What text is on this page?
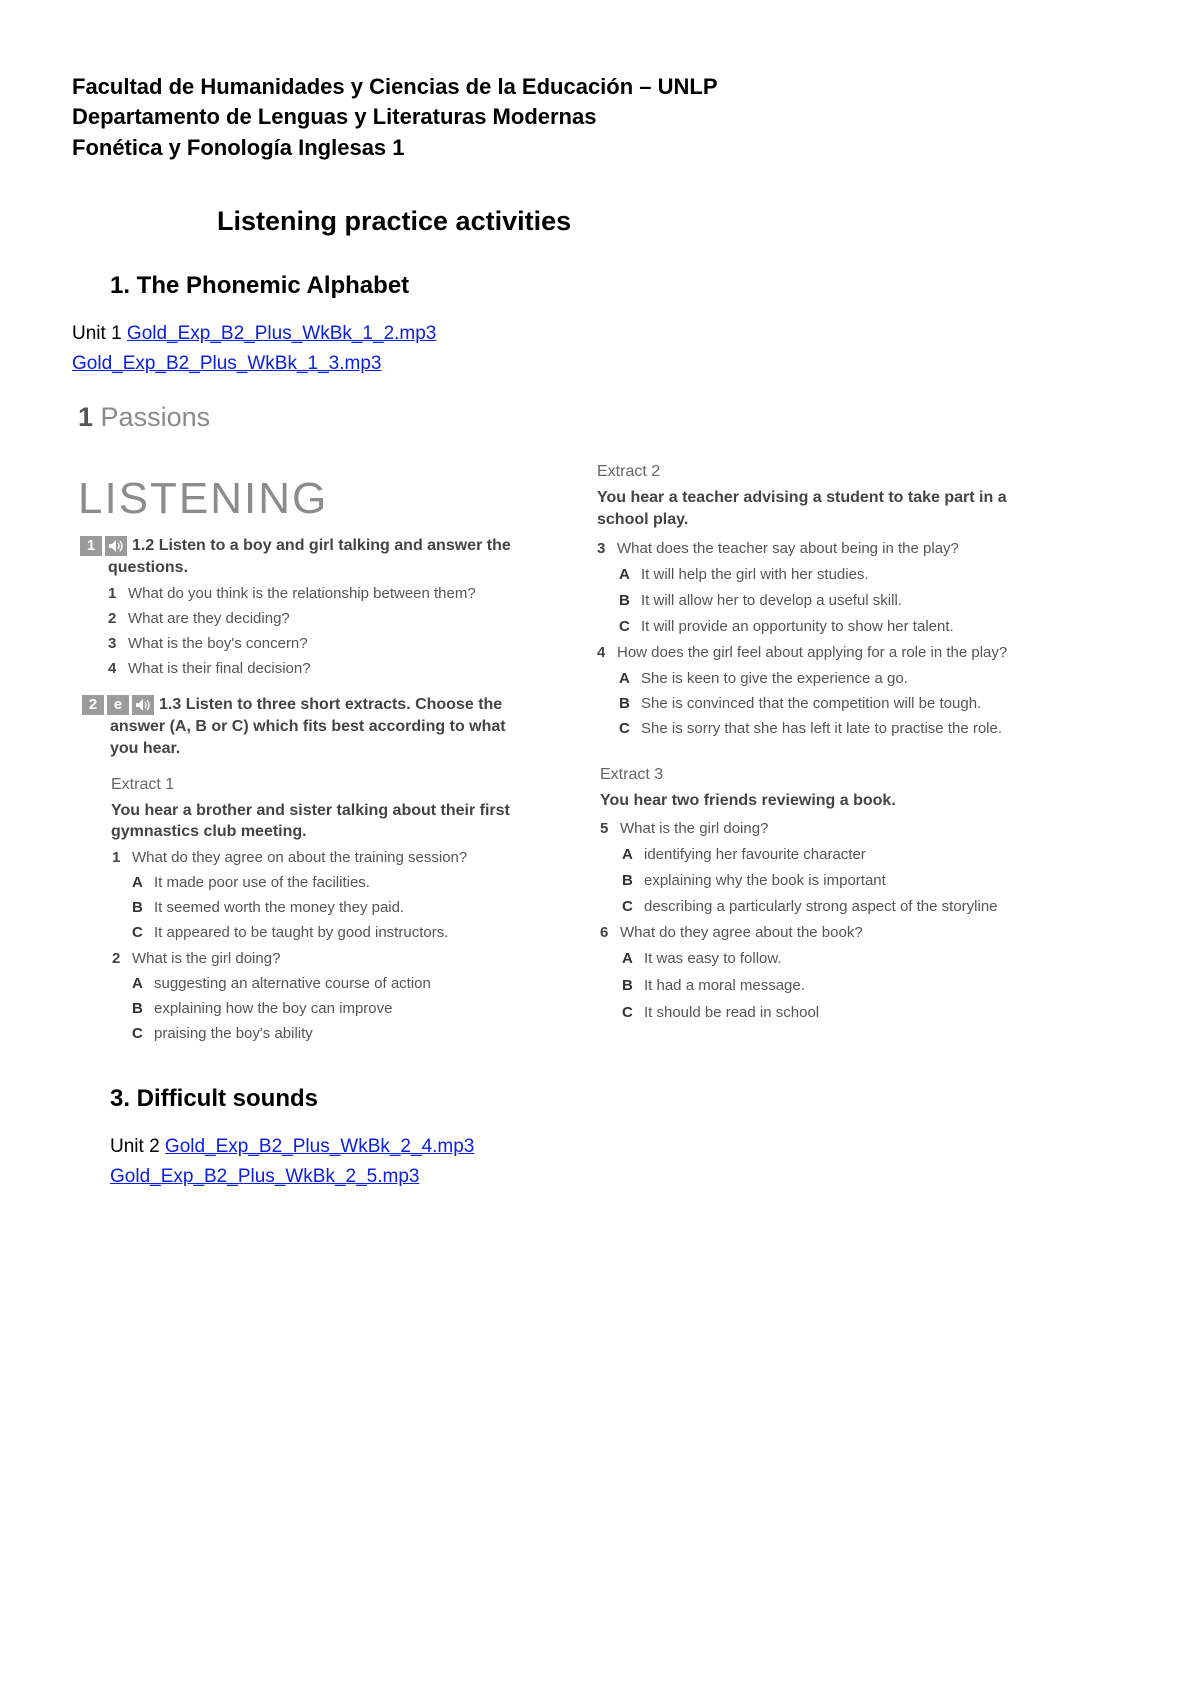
Facultad de Humanidades y Ciencias de la Educación – UNLP
Departamento de Lenguas y Literaturas Modernas
Fonética y Fonología Inglesas 1
Listening practice activities
1. The Phonemic Alphabet
Unit 1 Gold_Exp_B2_Plus_WkBk_1_2.mp3
Gold_Exp_B2_Plus_WkBk_1_3.mp3
1 Passions
LISTENING
1 1.2 Listen to a boy and girl talking and answer the
questions.
1 What do you think is the relationship between them?
2 What are they deciding?
3 What is the boy's concern?
4 What is their final decision?
2 e 1.3 Listen to three short extracts. Choose the
answer (A, B or C) which fits best according to what
you hear.
Extract 1
You hear a brother and sister talking about their first
gymnastics club meeting.
1 What do they agree on about the training session?
A It made poor use of the facilities.
B It seemed worth the money they paid.
C It appeared to be taught by good instructors.
2 What is the girl doing?
A suggesting an alternative course of action
B explaining how the boy can improve
C praising the boy's ability
Extract 2
You hear a teacher advising a student to take part in a
school play.
3 What does the teacher say about being in the play?
A It will help the girl with her studies.
B It will allow her to develop a useful skill.
C It will provide an opportunity to show her talent.
4 How does the girl feel about applying for a role in the play?
A She is keen to give the experience a go.
B She is convinced that the competition will be tough.
C She is sorry that she has left it late to practise the role.
Extract 3
You hear two friends reviewing a book.
5 What is the girl doing?
A identifying her favourite character
B explaining why the book is important
C describing a particularly strong aspect of the storyline
6 What do they agree about the book?
A It was easy to follow.
B It had a moral message.
C It should be read in school
3. Difficult sounds
Unit 2 Gold_Exp_B2_Plus_WkBk_2_4.mp3
Gold_Exp_B2_Plus_WkBk_2_5.mp3
